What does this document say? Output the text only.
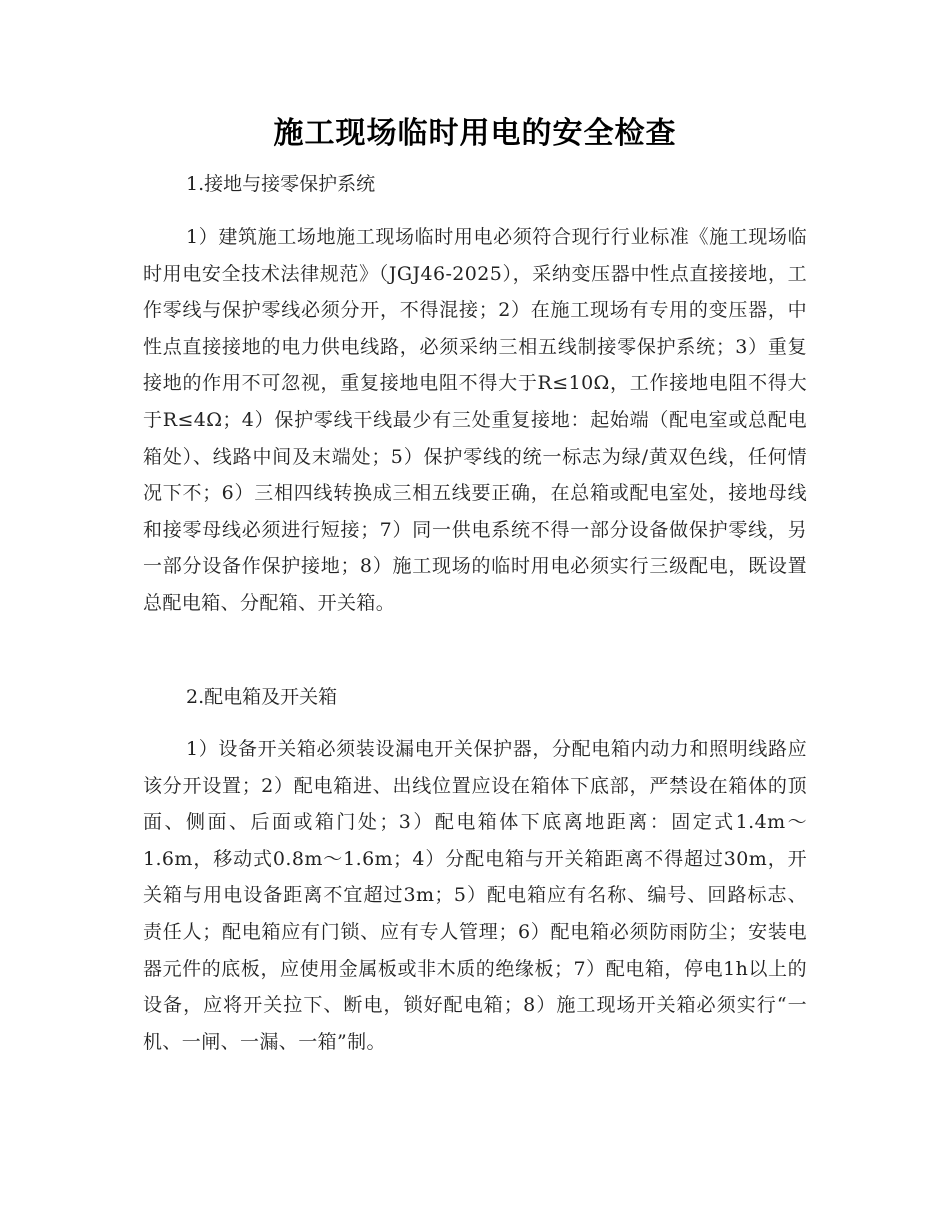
施工现场临时用电的安全检查

1.接地与接零保护系统

1）建筑施工场地施工现场临时用电必须符合现行行业标准《施工现场临时用电安全技术法律规范》（JGJ46-2025），采纳变压器中性点直接接地，工作零线与保护零线必须分开，不得混接；2）在施工现场有专用的变压器，中性点直接接地的电力供电线路，必须采纳三相五线制接零保护系统；3）重复接地的作用不可忽视，重复接地电阻不得大于R≤10Ω，工作接地电阻不得大于R≤4Ω；4）保护零线干线最少有三处重复接地：起始端（配电室或总配电箱处）、线路中间及末端处；5）保护零线的统一标志为绿/黄双色线，任何情况下不；6）三相四线转换成三相五线要正确，在总箱或配电室处，接地母线和接零母线必须进行短接；7）同一供电系统不得一部分设备做保护零线，另一部分设备作保护接地；8）施工现场的临时用电必须实行三级配电，既设置总配电箱、分配箱、开关箱。

2.配电箱及开关箱

1）设备开关箱必须装设漏电开关保护器，分配电箱内动力和照明线路应该分开设置；2）配电箱进、出线位置应设在箱体下底部，严禁设在箱体的顶面、侧面、后面或箱门处；3）配电箱体下底离地距离：固定式1.4m～1.6m，移动式0.8m～1.6m；4）分配电箱与开关箱距离不得超过30m，开关箱与用电设备距离不宜超过3m；5）配电箱应有名称、编号、回路标志、责任人；配电箱应有门锁、应有专人管理；6）配电箱必须防雨防尘；安装电器元件的底板，应使用金属板或非木质的绝缘板；7）配电箱，停电1h以上的设备，应将开关拉下、断电，锁好配电箱；8）施工现场开关箱必须实行“一机、一闸、一漏、一箱”制。
